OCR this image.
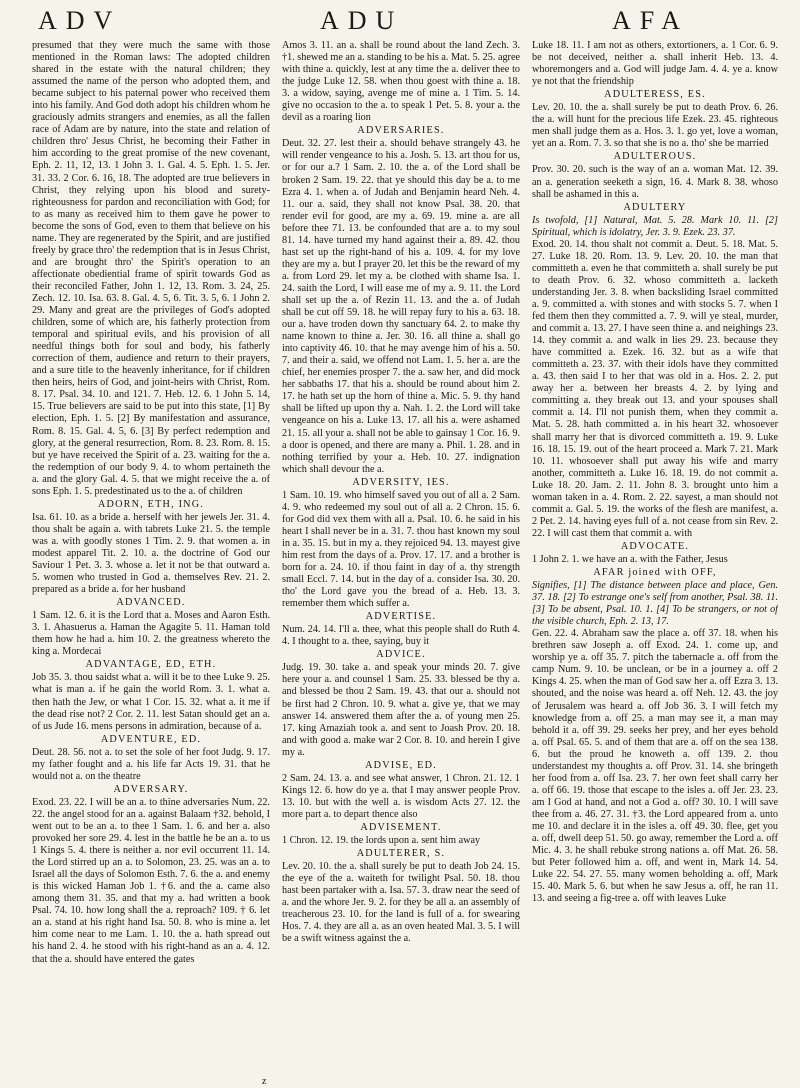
ADV	ADU	AFA

presumed that they were much the same with those mentioned in the Roman laws: The adopted children shared in the estate with the natural children; they assumed the name of the person who adopted them, and became subject to his paternal power who received them into his family. And God doth adopt his children whom he graciously admits strangers and enemies, as all the fallen race of Adam are by nature, into the state and relation of children thro' Jesus Christ, he becoming their Father in him according to the great promise of the new covenant, Eph. 2. 11, 12, 13. 1 John 3. 1. Gal. 4. 5. Eph. 1. 5. Jer. 31. 33. 2 Cor. 6. 16, 18. The adopted are true believers in Christ, they relying upon his blood and surety-righteousness for pardon and reconciliation with God; for to as many as received him to them gave he power to become the sons of God, even to them that believe on his name. They are regenerated by the Spirit, and are justified freely by grace thro' the redemption that is in Jesus Christ, and are brought thro' the Spirit's operation to an affectionate obediential frame of spirit towards God as their reconciled Father, John 1. 12, 13. Rom. 3. 24, 25. Zech. 12. 10. Isa. 63. 8. Gal. 4. 5, 6. Tit. 3. 5, 6. 1 John 2. 29. Many and great are the privileges of God's adopted children, some of which are, his fatherly protection from temporal and spiritual evils, and his provision of all needful things both for soul and body, his fatherly correction of them, audience and return to their prayers, and a sure title to the heavenly inheritance, for if children then heirs, heirs of God, and joint-heirs with Christ, Rom. 8. 17. Psal. 34. 10. and 121. 7. Heb. 12. 6. 1 John 5. 14, 15. True believers are said to be put into this state, [1] By election, Eph. 1. 5. [2] By manifestation and assurance, Rom. 8. 15. Gal. 4. 5, 6. [3] By perfect redemption and glory, at the general resurrection, Rom. 8. 23. Rom. 8. 15. but ye have received the Spirit of a. 23. waiting for the a. the redemption of our body 9. 4. to whom pertaineth the a. and the glory Gal. 4. 5. that we might receive the a. of sons Eph. 1. 5. predestinated us to the a. of children

ADORN, ETH, ING.

Isa. 61. 10. as a bride a. herself with her jewels Jer. 31. 4. thou shalt be again a. with tabrets Luke 21. 5. the temple was a. with goodly stones 1 Tim. 2. 9. that women a. in modest apparel Tit. 2. 10. a. the doctrine of God our Saviour 1 Pet. 3. 3. whose a. let it not be that outward a. 5. women who trusted in God a. themselves Rev. 21. 2. prepared as a bride a. for her husband

ADVANCED.

1 Sam. 12. 6. it is the Lord that a. Moses and Aaron Esth. 3. 1. Ahasuerus a. Haman the Agagite 5. 11. Haman told them how he had a. him 10. 2. the greatness whereto the king a. Mordecai

ADVANTAGE, ED, ETH.

Job 35. 3. thou saidst what a. will it be to thee Luke 9. 25. what is man a. if he gain the world Rom. 3. 1. what a. then hath the Jew, or what 1 Cor. 15. 32. what a. it me if the dead rise not? 2 Cor. 2. 11. lest Satan should get an a. of us Jude 16. mens persons in admiration, because of a.

ADVENTURE, ED.

Deut. 28. 56. not a. to set the sole of her foot Judg. 9. 17. my father fought and a. his life far Acts 19. 31. that he would not a. on the theatre

ADVERSARY.

Exod. 23. 22. I will be an a. to thine adversaries Num. 22. 22. the angel stood for an a. against Balaam †32. behold, I went out to be an a. to thee 1 Sam. 1. 6. and her a. also provoked her sore 29. 4. lest in the battle he be an a. to us 1 Kings 5. 4. there is neither a. nor evil occurrent 11. 14. the Lord stirred up an a. to Solomon, 23. 25. was an a. to Israel all the days of Solomon Esth. 7. 6. the a. and enemy is this wicked Haman Job 1. †6. and the a. came also among them 31. 35. and that my a. had written a book Psal. 74. 10. how long shall the a. reproach? 109. † 6. let an a. stand at his right hand Isa. 50. 8. who is mine a. let him come near to me Lam. 1. 10. the a. hath spread out his hand 2. 4. he stood with his right-hand as an a. 4. 12. that the a. should have entered the gates

Amos 3. 11. an a. shall be round about the land Zech. 3. †1. shewed me an a. standing to be his a. Mat. 5. 25. agree with thine a. quickly, lest at any time the a. deliver thee to the judge Luke 12. 58. when thou goest with thine a. 18. 3. a widow, saying, avenge me of mine a. 1 Tim. 5. 14. give no occasion to the a. to speak 1 Pet. 5. 8. your a. the devil as a roaring lion

ADVERSARIES.

Deut. 32. 27. lest their a. should behave strangely 43. he will render vengeance to his a. Josh. 5. 13. art thou for us, or for our a.? 1 Sam. 2. 10. the a. of the Lord shall be broken 2 Sam. 19. 22. that ye should this day be a. to me Ezra 4. 1. when a. of Judah and Benjamin heard Neh. 4. 11. our a. said, they shall not know Psal. 38. 20. that render evil for good, are my a. 69. 19. mine a. are all before thee 71. 13. be confounded that are a. to my soul 81. 14. have turned my hand against their a. 89. 42. thou hast set up the right-hand of his a. 109. 4. for my love they are my a. but I prayer 20. let this be the reward of my a. from Lord 29. let my a. be clothed with shame Isa. 1. 24. saith the Lord, I will ease me of my a. 9. 11. the Lord shall set up the a. of Rezin 11. 13. and the a. of Judah shall be cut off 59. 18. he will repay fury to his a. 63. 18. our a. have troden down thy sanctuary 64. 2. to make thy name known to thine a. Jer. 30. 16. all thine a. shall go into captivity 46. 10. that he may avenge him of his a. 50. 7. and their a. said, we offend not Lam. 1. 5. her a. are the chief, her enemies prosper 7. the a. saw her, and did mock her sabbaths 17. that his a. should be round about him 2. 17. he hath set up the horn of thine a. Mic. 5. 9. thy hand shall be lifted up upon thy a. Nah. 1. 2. the Lord will take vengeance on his a. Luke 13. 17. all his a. were ashamed 21. 15. all your a. shall not be able to gainsay 1 Cor. 16. 9. a door is opened, and there are many a. Phil. 1. 28. and in nothing terrified by your a. Heb. 10. 27. indignation which shall devour the a.

ADVERSITY, IES.

1 Sam. 10. 19. who himself saved you out of all a. 2 Sam. 4. 9. who redeemed my soul out of all a. 2 Chron. 15. 6. for God did vex them with all a. Psal. 10. 6. he said in his heart I shall never be in a. 31. 7. thou hast known my soul in a. 35. 15. but in my a. they rejoiced 94. 13. mayest give him rest from the days of a. Prov. 17. 17. and a brother is born for a. 24. 10. if thou faint in day of a. thy strength small Eccl. 7. 14. but in the day of a. consider Isa. 30. 20. tho' the Lord gave you the bread of a. Heb. 13. 3. remember them which suffer a.

ADVERTISE.

Num. 24. 14. I'll a. thee, what this people shall do Ruth 4. 4. I thought to a. thee, saying, buy it

ADVICE.

Judg. 19. 30. take a. and speak your minds 20. 7. give here your a. and counsel 1 Sam. 25. 33. blessed be thy a. and blessed be thou 2 Sam. 19. 43. that our a. should not be first had 2 Chron. 10. 9. what a. give ye, that we may answer 14. answered them after the a. of young men 25. 17. king Amaziah took a. and sent to Joash Prov. 20. 18. and with good a. make war 2 Cor. 8. 10. and herein I give my a.

ADVISE, ED.

2 Sam. 24. 13. a. and see what answer, 1 Chron. 21. 12. 1 Kings 12. 6. how do ye a. that I may answer people Prov. 13. 10. but with the well a. is wisdom Acts 27. 12. the more part a. to depart thence also

ADVISEMENT.

1 Chron. 12. 19. the lords upon a. sent him away

ADULTERER, S.

Lev. 20. 10. the a. shall surely be put to death Job 24. 15. the eye of the a. waiteth for twilight Psal. 50. 18. thou hast been partaker with a. Isa. 57. 3. draw near the seed of a. and the whore Jer. 9. 2. for they be all a. an assembly of treacherous 23. 10. for the land is full of a. for swearing Hos. 7. 4. they are all a. as an oven heated Mal. 3. 5. I will be a swift witness against the a.

Luke 18. 11. I am not as others, extortioners, a. 1 Cor. 6. 9. be not deceived, neither a. shall inherit Heb. 13. 4. whoremongers and a. God will judge Jam. 4. 4. ye a. know ye not that the friendship

ADULTERESS, ES.

Lev. 20. 10. the a. shall surely be put to death Prov. 6. 26. the a. will hunt for the precious life Ezek. 23. 45. righteous men shall judge them as a. Hos. 3. 1. go yet, love a woman, yet an a. Rom. 7. 3. so that she is no a. tho' she be married

ADULTEROUS.

Prov. 30. 20. such is the way of an a. woman Mat. 12. 39. an a. generation seeketh a sign, 16. 4. Mark 8. 38. whoso shall be ashamed in this a.

ADULTERY

Is twofold, [1] Natural, Mat. 5. 28. Mark 10. 11. [2] Spiritual, which is idolatry, Jer. 3. 9. Ezek. 23. 37.

Exod. 20. 14. thou shalt not commit a. Deut. 5. 18. Mat. 5. 27. Luke 18. 20. Rom. 13. 9. Lev. 20. 10. the man that committeth a. even he that committeth a. shall surely be put to death Prov. 6. 32. whoso committeth a. lacketh understanding Jer. 3. 8. when backsliding Israel committed a. 9. committed a. with stones and with stocks 5. 7. when I fed them then they committed a. 7. 9. will ye steal, murder, and commit a. 13. 27. I have seen thine a. and neighings 23. 14. they commit a. and walk in lies 29. 23. because they have committed a. Ezek. 16. 32. but as a wife that committeth a. 23. 37. with their idols have they committed a. 43. then said I to her that was old in a. Hos. 2. 2. put away her a. between her breasts 4. 2. by lying and committing a. they break out 13. and your spouses shall commit a. 14. I'll not punish them, when they commit a. Mat. 5. 28. hath committed a. in his heart 32. whosoever shall marry her that is divorced committeth a. 19. 9. Luke 16. 18. 15. 19. out of the heart proceed a. Mark 7. 21. Mark 10. 11. whosoever shall put away his wife and marry another, committeth a. Luke 16. 18. 19. do not commit a. Luke 18. 20. Jam. 2. 11. John 8. 3. brought unto him a woman taken in a. 4. Rom. 2. 22. sayest, a man should not commit a. Gal. 5. 19. the works of the flesh are manifest, a. 2 Pet. 2. 14. having eyes full of a. not cease from sin Rev. 2. 22. I will cast them that commit a. with

ADVOCATE.

1 John 2. 1. we have an a. with the Father, Jesus

AFAR joined with OFF,

Signifies, [1] The distance between place and place, Gen. 37. 18. [2] To estrange one's self from another, Psal. 38. 11. [3] To be absent, Psal. 10. 1. [4] To be strangers, or not of the visible church, Eph. 2. 13, 17.

Gen. 22. 4. Abraham saw the place a. off 37. 18. when his brethren saw Joseph a. off Exod. 24. 1. come up, and worship ye a. off 35. 7. pitch the tabernacle a. off from the camp Num. 9. 10. be unclean, or be in a journey a. off 2 Kings 4. 25. when the man of God saw her a. off Ezra 3. 13. shouted, and the noise was heard a. off Neh. 12. 43. the joy of Jerusalem was heard a. off Job 36. 3. I will fetch my knowledge from a. off 25. a man may see it, a man may behold it a. off 39. 29. seeks her prey, and her eyes behold a. off Psal. 65. 5. and of them that are a. off on the sea 138. 6. but the proud he knoweth a. off 139. 2. thou understandest my thoughts a. off Prov. 31. 14. she bringeth her food from a. off Isa. 23. 7. her own feet shall carry her a. off 66. 19. those that escape to the isles a. off Jer. 23. 23. am I God at hand, and not a God a. off? 30. 10. I will save thee from a. 46. 27. 31. †3. the Lord appeared from a. unto me 10. and declare it in the isles a. off 49. 30. flee, get you a. off, dwell deep 51. 50. go away, remember the Lord a. off Mic. 4. 3. he shall rebuke strong nations a. off Mat. 26. 58. but Peter followed him a. off, and went in, Mark 14. 54. Luke 22. 54. 27. 55. many women beholding a. off, Mark 15. 40. Mark 5. 6. but when he saw Jesus a. off, he ran 11. 13. and seeing a fig-tree a. off with leaves Luke

z
